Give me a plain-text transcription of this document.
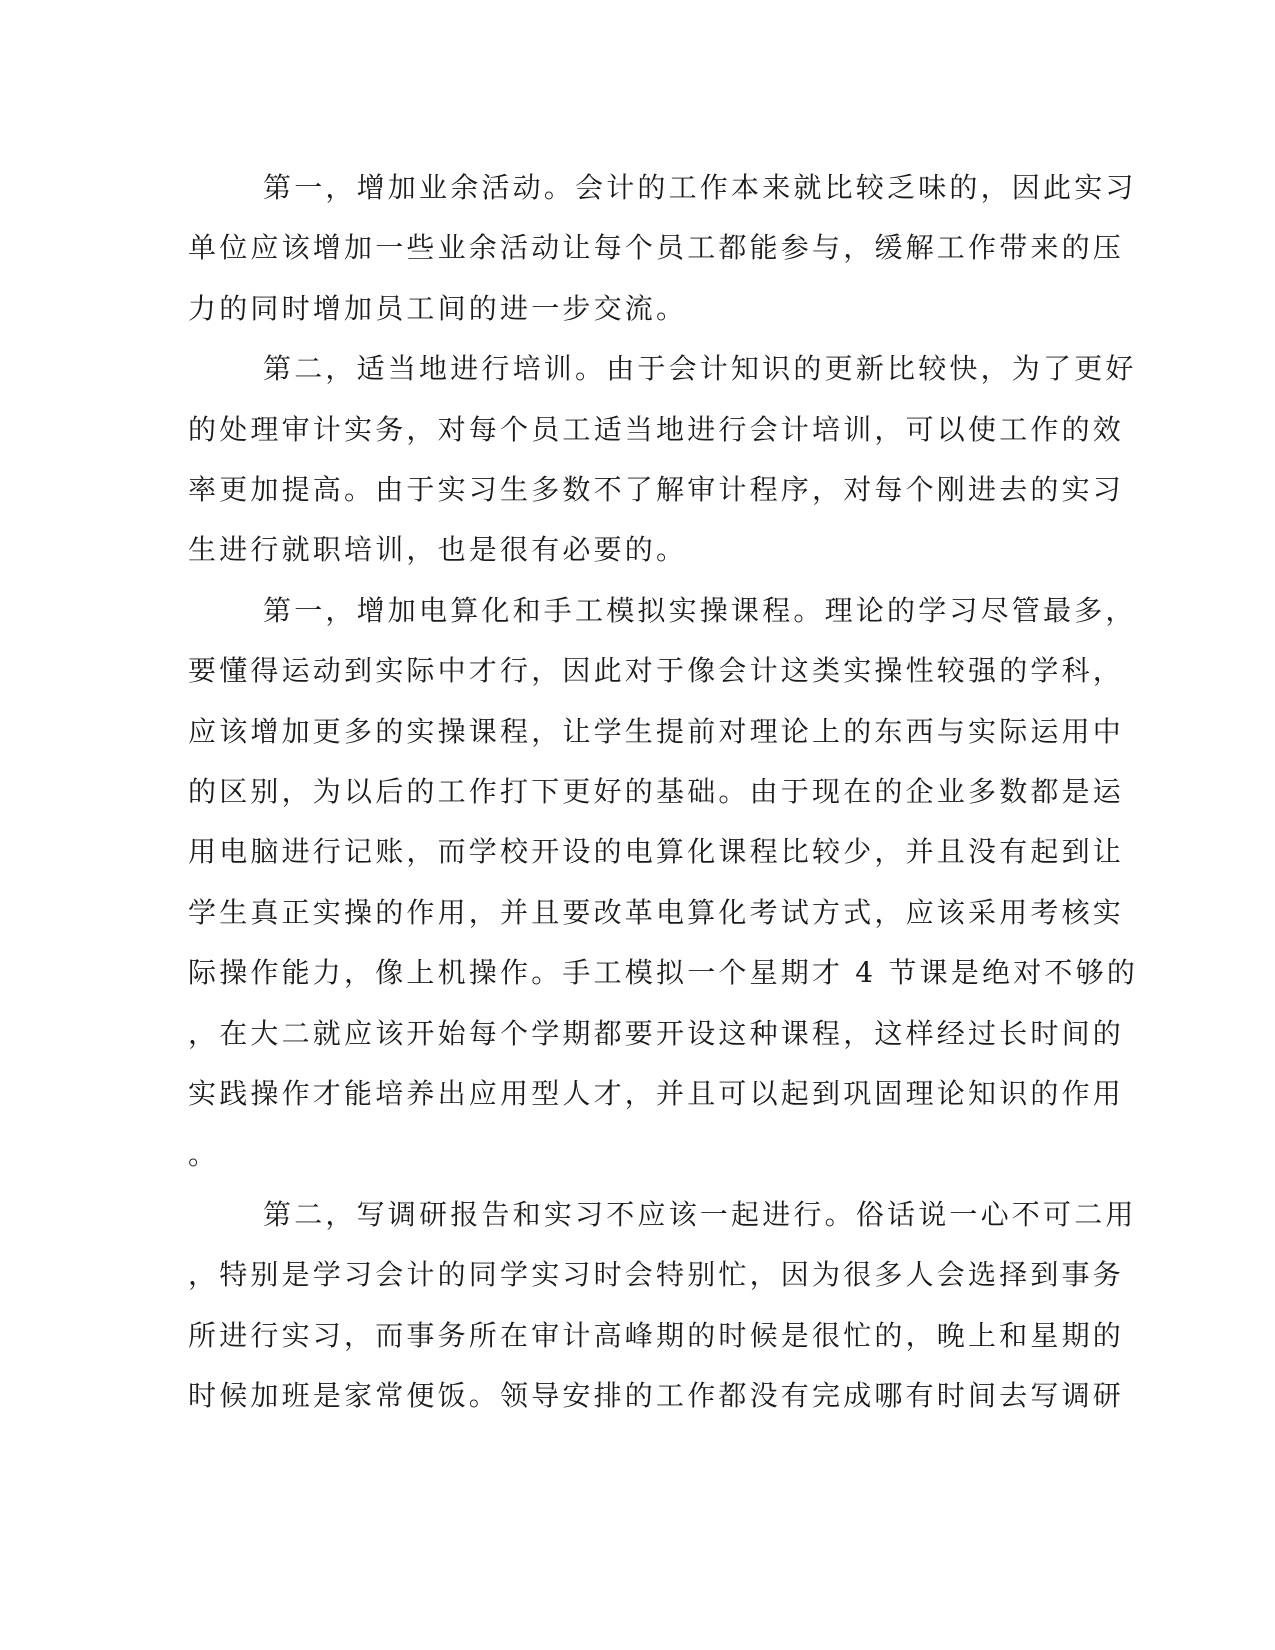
第一，增加业余活动。会计的工作本来就比较乏味的，因此实习
单位应该增加一些业余活动让每个员工都能参与，缓解工作带来的压
力的同时增加员工间的进一步交流。
第二，适当地进行培训。由于会计知识的更新比较快，为了更好
的处理审计实务，对每个员工适当地进行会计培训，可以使工作的效
率更加提高。由于实习生多数不了解审计程序，对每个刚进去的实习
生进行就职培训，也是很有必要的。
第一，增加电算化和手工模拟实操课程。理论的学习尽管最多，
要懂得运动到实际中才行，因此对于像会计这类实操性较强的学科，
应该增加更多的实操课程，让学生提前对理论上的东西与实际运用中
的区别，为以后的工作打下更好的基础。由于现在的企业多数都是运
用电脑进行记账，而学校开设的电算化课程比较少，并且没有起到让
学生真正实操的作用，并且要改革电算化考试方式，应该采用考核实
际操作能力，像上机操作。手工模拟一个星期才 4 节课是绝对不够的
，在大二就应该开始每个学期都要开设这种课程，这样经过长时间的
实践操作才能培养出应用型人才，并且可以起到巩固理论知识的作用
。
第二，写调研报告和实习不应该一起进行。俗话说一心不可二用
，特别是学习会计的同学实习时会特别忙，因为很多人会选择到事务
所进行实习，而事务所在审计高峰期的时候是很忙的，晚上和星期的
时候加班是家常便饭。领导安排的工作都没有完成哪有时间去写调研
